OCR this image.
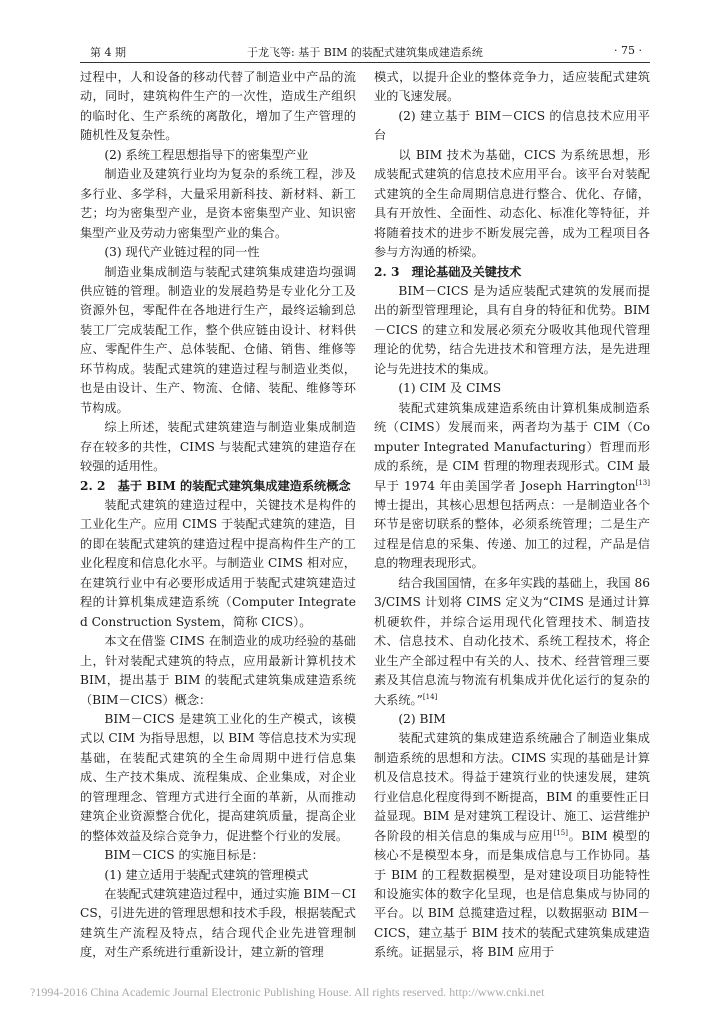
第 4 期	于龙飞等: 基于 BIM 的装配式建筑集成建造系统	· 75 ·

过程中，人和设备的移动代替了制造业中产品的流动，同时，建筑构件生产的一次性，造成生产组织的临时化、生产系统的离散化，增加了生产管理的随机性及复杂性。

(2) 系统工程思想指导下的密集型产业

制造业及建筑行业均为复杂的系统工程，涉及多行业、多学科，大量采用新科技、新材料、新工艺；均为密集型产业，是资本密集型产业、知识密集型产业及劳动力密集型产业的集合。

(3) 现代产业链过程的同一性

制造业集成制造与装配式建筑集成建造均强调供应链的管理。制造业的发展趋势是专业化分工及资源外包，零配件在各地进行生产，最终运输到总装工厂完成装配工作，整个供应链由设计、材料供应、零配件生产、总体装配、仓储、销售、维修等环节构成。装配式建筑的建造过程与制造业类似，也是由设计、生产、物流、仓储、装配、维修等环节构成。

综上所述，装配式建筑建造与制造业集成制造存在较多的共性，CIMS 与装配式建筑的建造存在较强的适用性。

2. 2　基于 BIM 的装配式建筑集成建造系统概念

装配式建筑的建造过程中，关键技术是构件的工业化生产。应用 CIMS 于装配式建筑的建造，目的即在装配式建筑的建造过程中提高构件生产的工业化程度和信息化水平。与制造业 CIMS 相对应，在建筑行业中有必要形成适用于装配式建筑建造过程的计算机集成建造系统（Computer Integrated Construction System，简称 CICS）。

本文在借鉴 CIMS 在制造业的成功经验的基础上，针对装配式建筑的特点，应用最新计算机技术 BIM，提出基于 BIM 的装配式建筑集成建造系统（BIM－CICS）概念：

BIM－CICS 是建筑工业化的生产模式，该模式以 CIM 为指导思想，以 BIM 等信息技术为实现基础，在装配式建筑的全生命周期中进行信息集成、生产技术集成、流程集成、企业集成，对企业的管理理念、管理方式进行全面的革新，从而推动建筑企业资源整合优化，提高建筑质量，提高企业的整体效益及综合竞争力，促进整个行业的发展。

BIM－CICS 的实施目标是：

(1) 建立适用于装配式建筑的管理模式

在装配式建筑建造过程中，通过实施 BIM－CICS，引进先进的管理思想和技术手段，根据装配式建筑生产流程及特点，结合现代企业先进管理制度，对生产系统进行重新设计，建立新的管理

模式，以提升企业的整体竞争力，适应装配式建筑业的飞速发展。

(2) 建立基于 BIM－CICS 的信息技术应用平台

以 BIM 技术为基础，CICS 为系统思想，形成装配式建筑的信息技术应用平台。该平台对装配式建筑的全生命周期信息进行整合、优化、存储，具有开放性、全面性、动态化、标准化等特征，并将随着技术的进步不断发展完善，成为工程项目各参与方沟通的桥梁。

2. 3　理论基础及关键技术

BIM－CICS 是为适应装配式建筑的发展而提出的新型管理理论，具有自身的特征和优势。BIM－CICS 的建立和发展必须充分吸收其他现代管理理论的优势，结合先进技术和管理方法，是先进理论与先进技术的集成。

(1) CIM 及 CIMS

装配式建筑集成建造系统由计算机集成制造系统（CIMS）发展而来，两者均为基于 CIM（Computer Integrated Manufacturing）哲理而形成的系统，是 CIM 哲理的物理表现形式。CIM 最早于 1974 年由美国学者 Joseph Harrington[13] 博士提出，其核心思想包括两点：一是制造业各个环节是密切联系的整体，必须系统管理；二是生产过程是信息的采集、传递、加工的过程，产品是信息的物理表现形式。

结合我国国情，在多年实践的基础上，我国 863/CIMS 计划将 CIMS 定义为“CIMS 是通过计算机硬软件，并综合运用现代化管理技术、制造技术、信息技术、自动化技术、系统工程技术，将企业生产全部过程中有关的人、技术、经营管理三要素及其信息流与物流有机集成并优化运行的复杂的大系统。”[14]

(2) BIM

装配式建筑的集成建造系统融合了制造业集成制造系统的思想和方法。CIMS 实现的基础是计算机及信息技术。得益于建筑行业的快速发展，建筑行业信息化程度得到不断提高，BIM 的重要性正日益显现。BIM 是对建筑工程设计、施工、运营维护各阶段的相关信息的集成与应用[15]。BIM 模型的核心不是模型本身，而是集成信息与工作协同。基于 BIM 的工程数据模型，是对建设项目功能特性和设施实体的数字化呈现，也是信息集成与协同的平台。以 BIM 总揽建造过程，以数据驱动 BIM－CICS，建立基于 BIM 技术的装配式建筑集成建造系统。证据显示，将 BIM 应用于

?1994-2016 China Academic Journal Electronic Publishing House. All rights reserved. http://www.cnki.net
